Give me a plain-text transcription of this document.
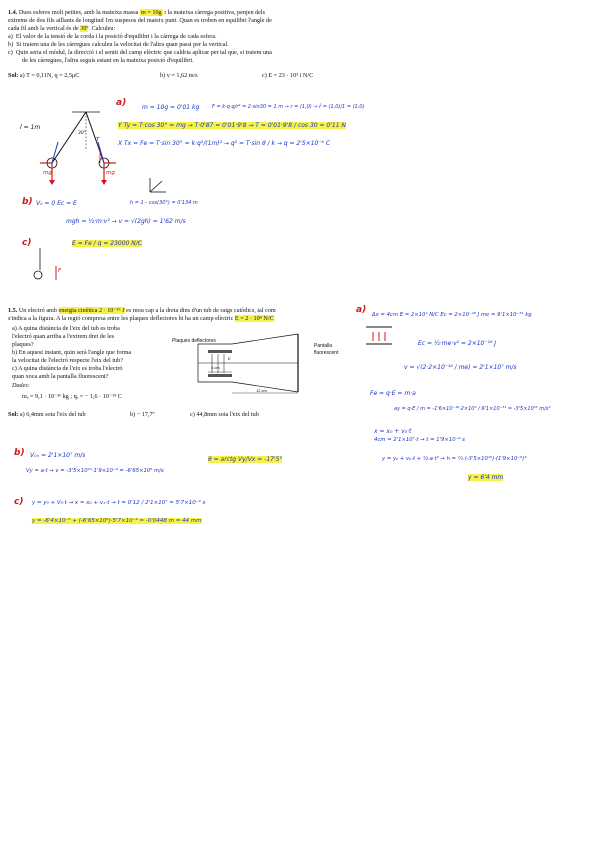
1.4. Dues esferes molt petites, amb la mateixa massa m = 10g i la mateixa càrrega positiva, penjen dels
extrems de dos fils aïllants de longitud 1m suspesos del mateix punt. Quan es troben en equilibri l'angle de
cada fil amb la vertical és de 30º. Calculeu:
a) El valor de la tensió de la corda i la posició d'equilibri i la càrrega de cada esfera.
b) Si traiem una de les càrregues calculeu la velocitat de l'altra quan passi per la vertical.
c) Quin seria el mòdul, la direcció i el sentit del camp elèctric que caldria aplicar per tal que, si traiem una
de les càrregues, l'altra seguís estant en la mateixa posició d'equilibri.
Sol: a) T = 0,11N, q = 2,5μC	b) v = 1,62 m/s	c) E = 23 · 10³ i N/C
a)	m = 10g = 0'01 kg	F = k·q·q/r² = 2·sin30 = 1 m → r = (1,0) → r̂ = (1,0)/1 = (1,0)
Y Ty = T·cos 30° = mg → T·0'87 = 0'01·9'8 → T = 0'01·9'8 / cos 30 = 0'11 N
X Tx = Fe = T·sin 30° = k·q²/(1m)² → q² = T·sin θ / k → q = 2'5×10⁻⁶ C
l = 1m
30°
mg	mg
T
F
b) V₀ = 0 Ec = E	h = 1 - cos(30°) = 0'134 m
mgh = ½·m·v² → v = √(2gh) = 1'62 m/s
c)	E = Fe / q = 23000 N/C
1.5. Un electró amb energia cinètica 2 · 10⁻¹⁶ J es mou cap a la dreta dins d'un tub de raigs catòdics, tal com
s'indica a la figura. A la regió compresa entre les plaques deflectores hi ha un camp elèctric E = 2 · 10⁴ N/C
a) A quina distància de l'eix del tub es troba
l'electró quan arriba a l'extrem dret de les
plaques?
b) En aquest instant, quin serà l'angle que forma
la velocitat de l'electró respecte l'eix del tub?
c) A quina distància de l'eix es troba l'electró
quan xoca amb la pantalla fluorescent?
Dades:
mₑ = 9,1 · 10⁻³¹ kg ; qₑ = − 1,6 · 10⁻¹⁹ C
Plaques deflectores
Pantalla
fluorescent
4 cm
12 cm
E
Sol: a) 6,4mm sota l'eix del tub	b) − 17,7º	c) 44,8mm sota l'eix del tub
a) Δx = 4cm E = 2×10⁴ N/C Ec = 2×10⁻¹⁶ J me = 9'1×10⁻³¹ kg
Ec = ½·me·v² = 2×10⁻¹⁶ J
v = √(2·2×10⁻¹⁶ / me) = 2'1×10⁷ m/s
Fe = q·E = m·a
ay = q·E / m = -1'6×10⁻¹⁹·2×10⁴ / 9'1×10⁻³¹ = -3'5×10¹⁵ m/s²
x = x₀ + v₀·t
4cm = 2'1×10⁷·t → t = 1'9×10⁻⁹ s
y = y₀ + v₀·t + ½·a·t² → h = ½·(-3'5×10¹⁵)·(1'9×10⁻⁹)²
y = 6'4 mm
b) V₀ₓ = 2'1×10⁷ m/s
Vy = a·t → v = -3'5×10¹⁵·1'9×10⁻⁹ = -6'65×10⁶ m/s
θ = arctg Vy/Vx = -17'5°
c) y = y₀ + V₀·t → x = x₀ + vₓ·t → t = 0'12 / 2'1×10⁷ = 5'7×10⁻⁹ s
y = -6'4×10⁻³ + (-6'65×10⁶)·5'7×10⁻⁹ = -0'0448 m = 44 mm
